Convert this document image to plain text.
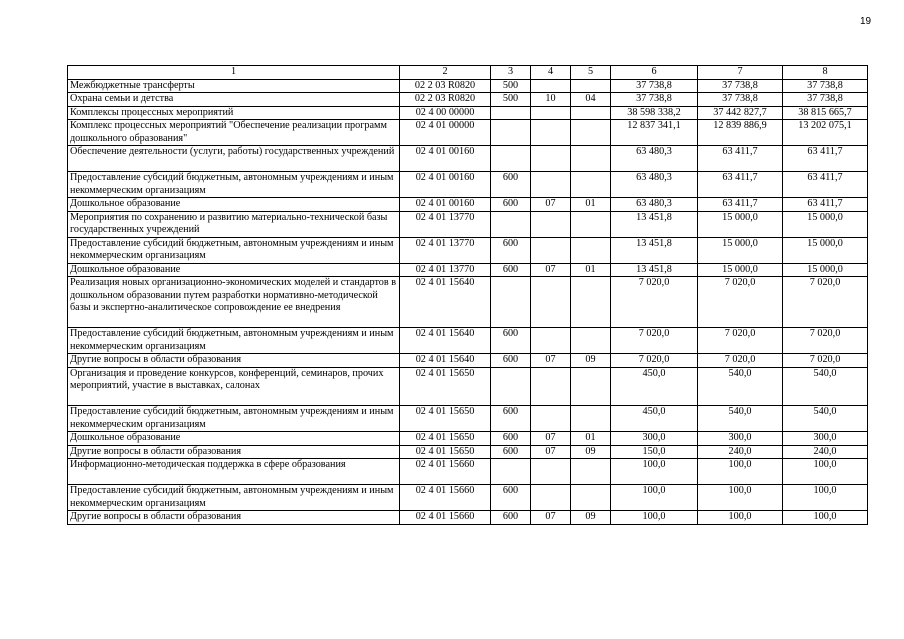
19
1	2	3	4	5	6	7	8
Межбюджетные трансферты	02 2 03 R0820	500			37 738,8	37 738,8	37 738,8
Охрана семьи и детства	02 2 03 R0820	500	10	04	37 738,8	37 738,8	37 738,8
Комплексы процессных мероприятий	02 4 00 00000				38 598 338,2	37 442 827,7	38 815 665,7
Комплекс процессных мероприятий "Обеспечение реализации программ дошкольного образования"	02 4 01 00000				12 837 341,1	12 839 886,9	13 202 075,1
Обеспечение деятельности (услуги, работы) государственных учреждений	02 4 01 00160				63 480,3	63 411,7	63 411,7
Предоставление субсидий бюджетным, автономным учреждениям и иным некоммерческим организациям	02 4 01 00160	600			63 480,3	63 411,7	63 411,7
Дошкольное образование	02 4 01 00160	600	07	01	63 480,3	63 411,7	63 411,7
Мероприятия по сохранению и развитию материально-технической базы государственных учреждений	02 4 01 13770				13 451,8	15 000,0	15 000,0
Предоставление субсидий бюджетным, автономным учреждениям и иным некоммерческим организациям	02 4 01 13770	600			13 451,8	15 000,0	15 000,0
Дошкольное образование	02 4 01 13770	600	07	01	13 451,8	15 000,0	15 000,0
Реализация новых организационно-экономических моделей и стандартов в дошкольном образовании путем разработки нормативно-методической базы и экспертно-аналитическое сопровождение ее внедрения	02 4 01 15640				7 020,0	7 020,0	7 020,0
Предоставление субсидий бюджетным, автономным учреждениям и иным некоммерческим организациям	02 4 01 15640	600			7 020,0	7 020,0	7 020,0
Другие вопросы в области образования	02 4 01 15640	600	07	09	7 020,0	7 020,0	7 020,0
Организация и проведение конкурсов, конференций, семинаров, прочих мероприятий, участие в выставках, салонах	02 4 01 15650				450,0	540,0	540,0
Предоставление субсидий бюджетным, автономным учреждениям и иным некоммерческим организациям	02 4 01 15650	600			450,0	540,0	540,0
Дошкольное образование	02 4 01 15650	600	07	01	300,0	300,0	300,0
Другие вопросы в области образования	02 4 01 15650	600	07	09	150,0	240,0	240,0
Информационно-методическая поддержка в сфере образования	02 4 01 15660				100,0	100,0	100,0
Предоставление субсидий бюджетным, автономным учреждениям и иным некоммерческим организациям	02 4 01 15660	600			100,0	100,0	100,0
Другие вопросы в области образования	02 4 01 15660	600	07	09	100,0	100,0	100,0
